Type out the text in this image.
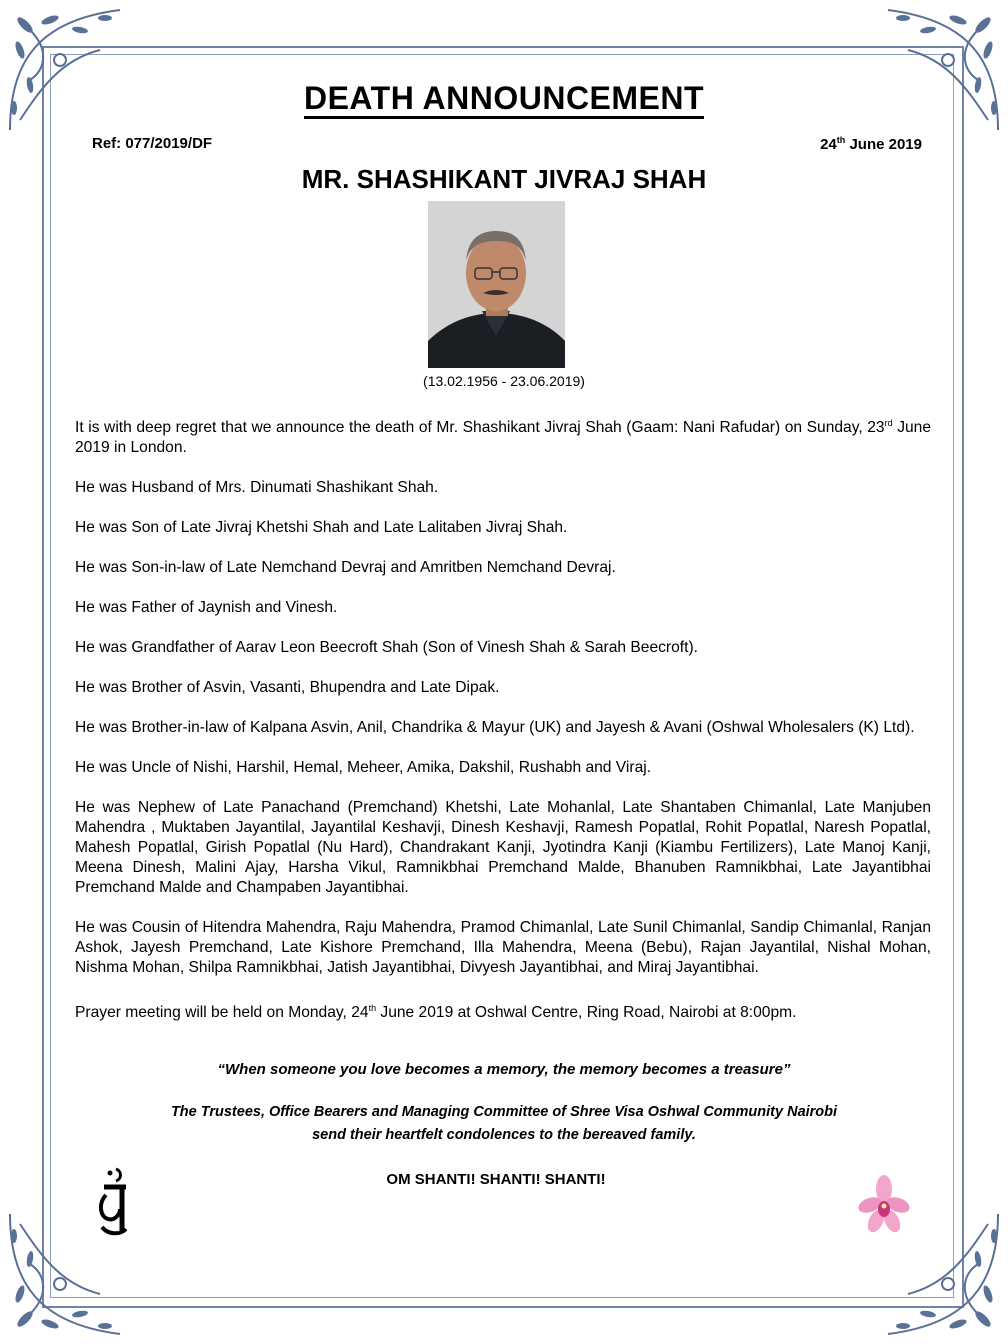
DEATH ANNOUNCEMENT
Ref: 077/2019/DF	24th June 2019
MR. SHASHIKANT JIVRAJ SHAH
(13.02.1956 - 23.06.2019)

It is with deep regret that we announce the death of Mr. Shashikant Jivraj Shah (Gaam: Nani Rafudar) on Sunday, 23rd June 2019 in London.

He was Husband of Mrs. Dinumati Shashikant Shah.

He was Son of Late Jivraj Khetshi Shah and Late Lalitaben Jivraj Shah.

He was Son-in-law of Late Nemchand Devraj and Amritben Nemchand Devraj.

He was Father of Jaynish and Vinesh.

He was Grandfather of Aarav Leon Beecroft Shah (Son of Vinesh Shah & Sarah Beecroft).

He was Brother of Asvin, Vasanti, Bhupendra and Late Dipak.

He was Brother-in-law of Kalpana Asvin, Anil, Chandrika & Mayur (UK) and Jayesh & Avani (Oshwal Wholesalers (K) Ltd).

He was Uncle of Nishi, Harshil, Hemal, Meheer, Amika, Dakshil, Rushabh and Viraj.

He was Nephew of Late Panachand (Premchand) Khetshi, Late Mohanlal, Late Shantaben Chimanlal, Late Manjuben Mahendra , Muktaben Jayantilal, Jayantilal Keshavji, Dinesh Keshavji, Ramesh Popatlal, Rohit Popatlal, Naresh Popatlal, Mahesh Popatlal, Girish Popatlal (Nu Hard), Chandrakant Kanji, Jyotindra Kanji (Kiambu Fertilizers), Late Manoj Kanji, Meena Dinesh, Malini Ajay, Harsha Vikul, Ramnikbhai Premchand Malde, Bhanuben Ramnikbhai, Late Jayantibhai Premchand Malde and Champaben Jayantibhai.

He was Cousin of Hitendra Mahendra, Raju Mahendra, Pramod Chimanlal, Late Sunil Chimanlal, Sandip Chimanlal, Ranjan Ashok, Jayesh Premchand, Late Kishore Premchand, Illa Mahendra, Meena (Bebu), Rajan Jayantilal, Nishal Mohan, Nishma Mohan, Shilpa Ramnikbhai, Jatish Jayantibhai, Divyesh Jayantibhai, and Miraj Jayantibhai.

Prayer meeting will be held on Monday, 24th June 2019 at Oshwal Centre, Ring Road, Nairobi at 8:00pm.

“When someone you love becomes a memory, the memory becomes a treasure”
The Trustees, Office Bearers and Managing Committee of Shree Visa Oshwal Community Nairobi
send their heartfelt condolences to the bereaved family.
OM SHANTI! SHANTI! SHANTI!
